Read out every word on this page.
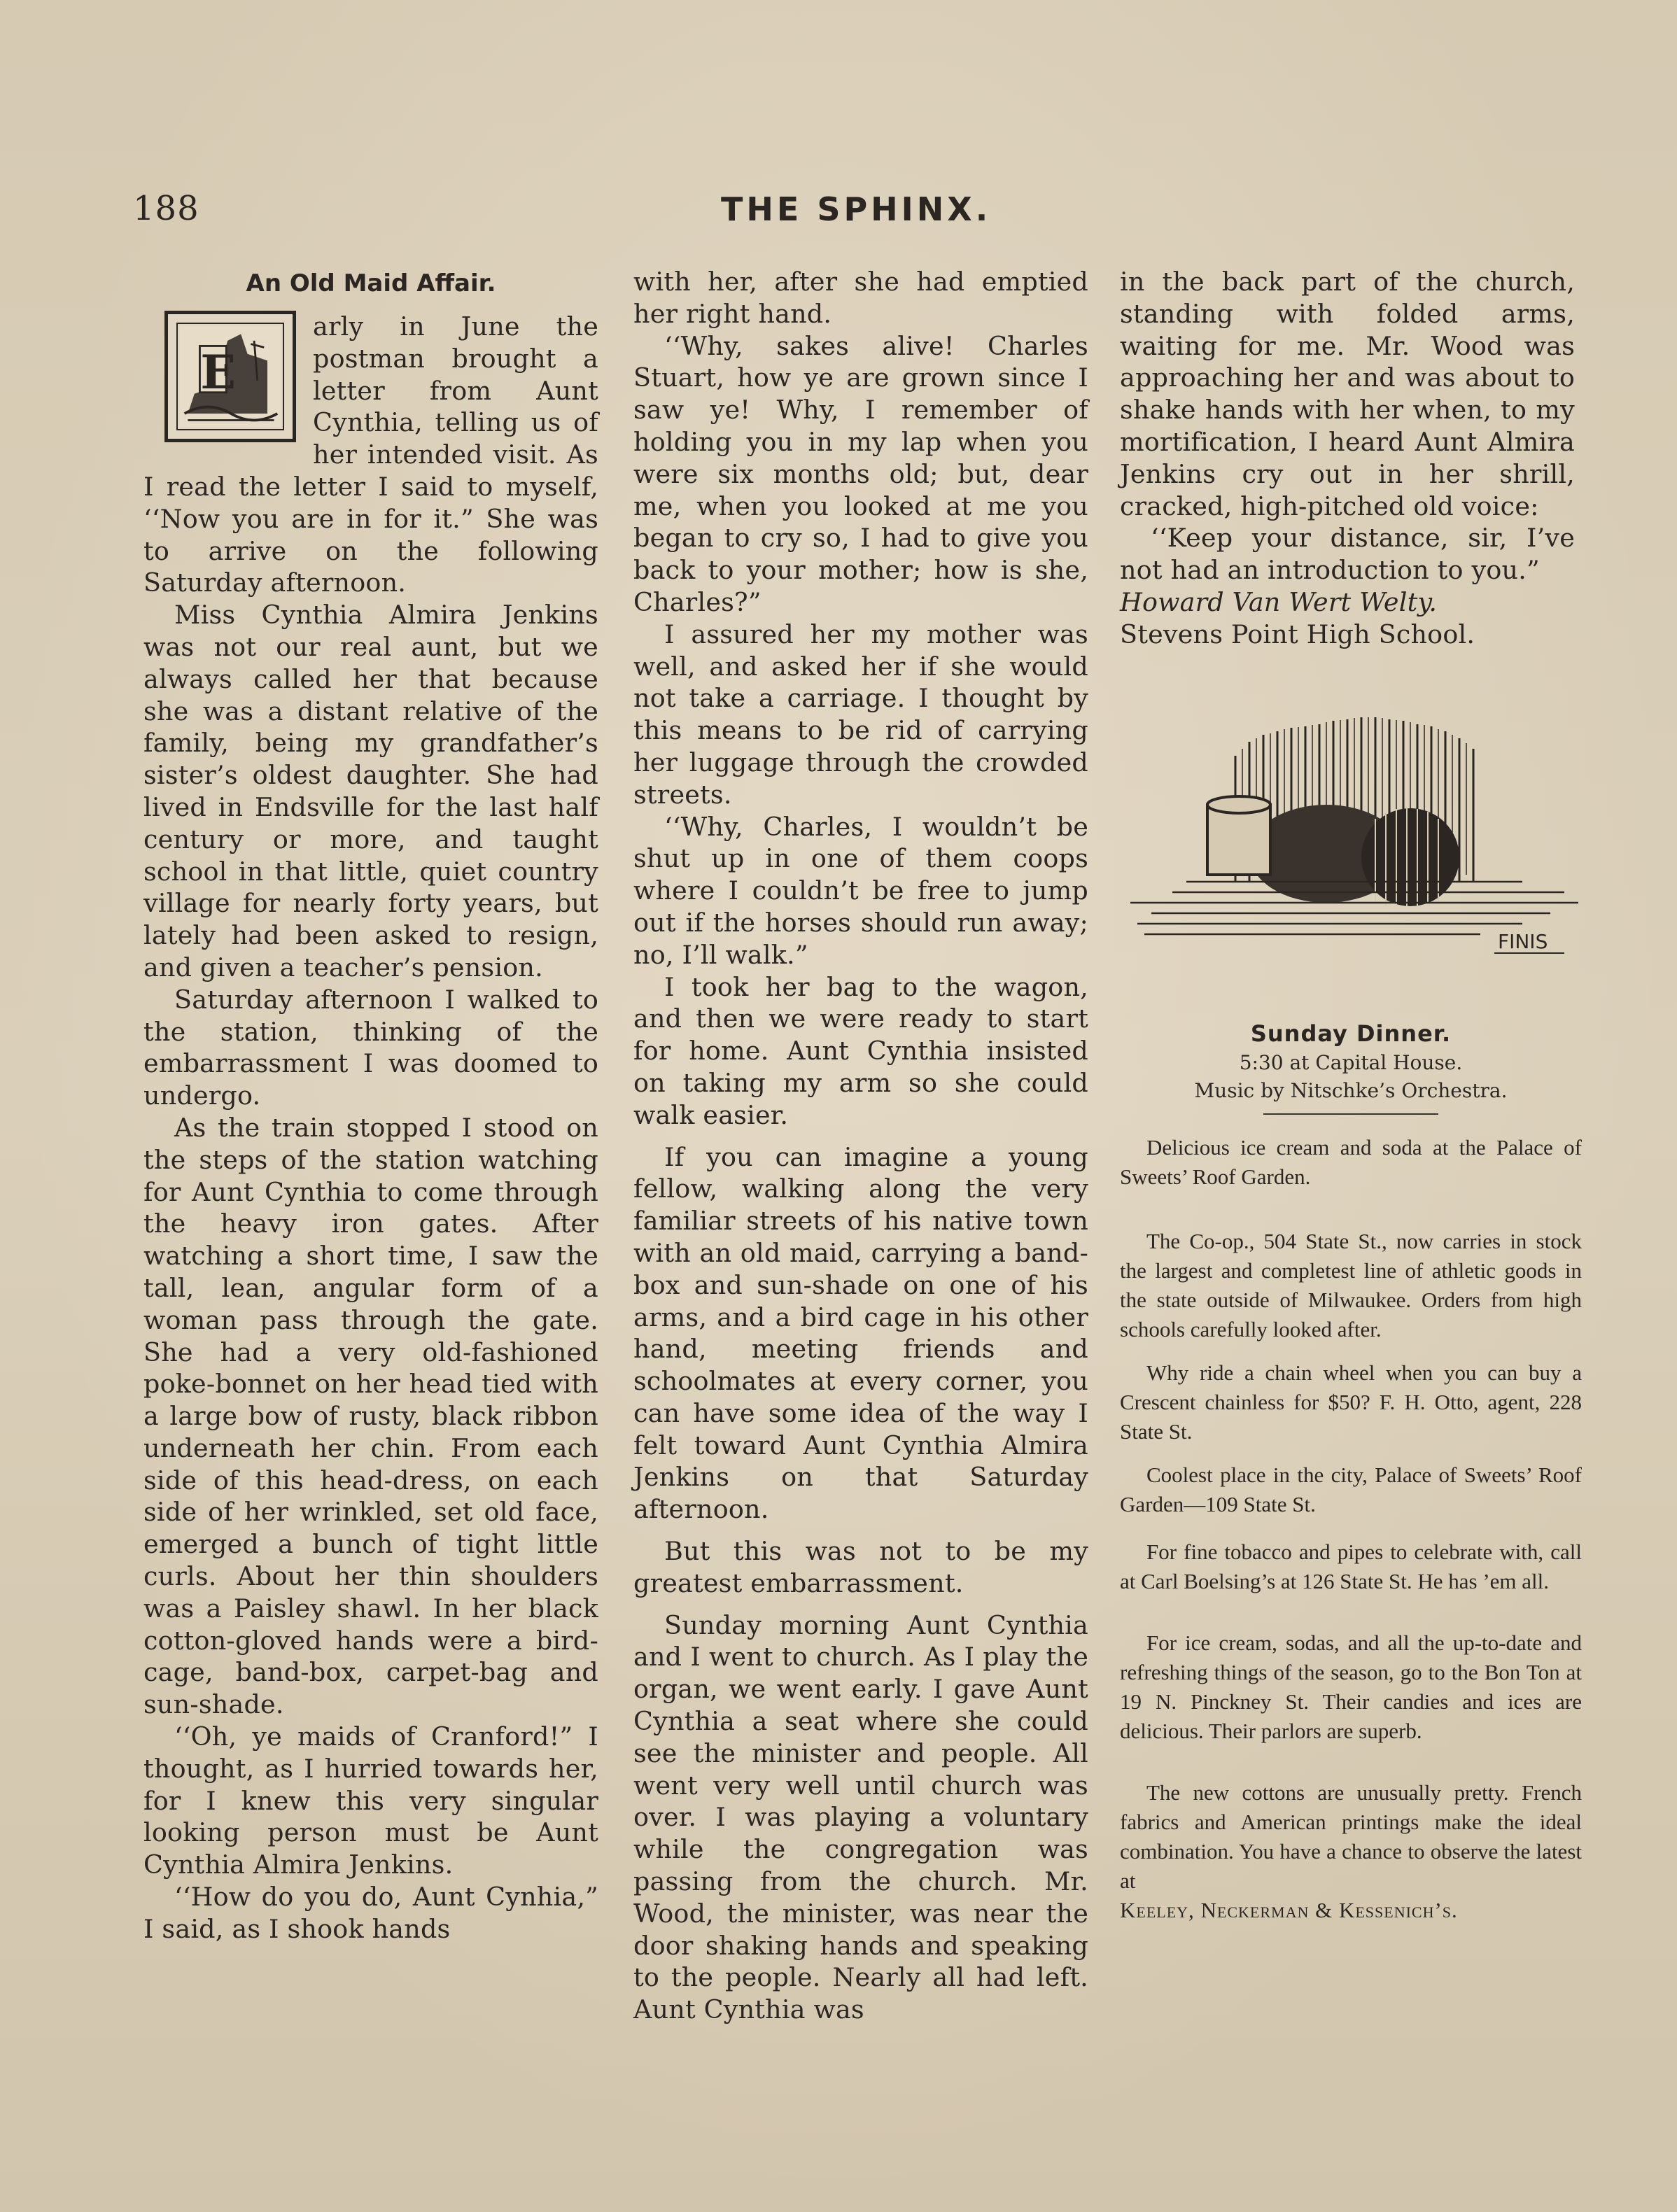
188	THE SPHINX.
An Old Maid Affair.
E

arly in June the postman brought a letter from Aunt Cynthia, telling us of her intended visit. As I read the letter I said to myself, ‘‘Now you are in for it.” She was to arrive on the following Saturday afternoon.

Miss Cynthia Almira Jenkins was not our real aunt, but we always called her that because she was a distant relative of the family, being my grandfather’s sister’s oldest daughter. She had lived in Endsville for the last half century or more, and taught school in that little, quiet country village for nearly forty years, but lately had been asked to resign, and given a teacher’s pension.

Saturday afternoon I walked to the station, thinking of the embarrassment I was doomed to undergo.

As the train stopped I stood on the steps of the station watching for Aunt Cynthia to come through the heavy iron gates. After watching a short time, I saw the tall, lean, angular form of a woman pass through the gate. She had a very old-fashioned poke-bonnet on her head tied with a large bow of rusty, black ribbon underneath her chin. From each side of this head-dress, on each side of her wrinkled, set old face, emerged a bunch of tight little curls. About her thin shoulders was a Paisley shawl. In her black cotton-gloved hands were a bird-cage, band-box, carpet-bag and sun-shade.

‘‘Oh, ye maids of Cranford!” I thought, as I hurried towards her, for I knew this very singular looking person must be Aunt Cynthia Almira Jenkins.

‘‘How do you do, Aunt Cynhia,” I said, as I shook hands

with her, after she had emptied her right hand.

‘‘Why, sakes alive! Charles Stuart, how ye are grown since I saw ye! Why, I remember of holding you in my lap when you were six months old; but, dear me, when you looked at me you began to cry so, I had to give you back to your mother; how is she, Charles?”

I assured her my mother was well, and asked her if she would not take a carriage. I thought by this means to be rid of carrying her luggage through the crowded streets.

‘‘Why, Charles, I wouldn’t be shut up in one of them coops where I couldn’t be free to jump out if the horses should run away; no, I’ll walk.”

I took her bag to the wagon, and then we were ready to start for home. Aunt Cynthia insisted on taking my arm so she could walk easier.

If you can imagine a young fellow, walking along the very familiar streets of his native town with an old maid, carrying a band-box and sun-shade on one of his arms, and a bird cage in his other hand, meeting friends and schoolmates at every corner, you can have some idea of the way I felt toward Aunt Cynthia Almira Jenkins on that Saturday afternoon.

But this was not to be my greatest embarrassment.

Sunday morning Aunt Cynthia and I went to church. As I play the organ, we went early. I gave Aunt Cynthia a seat where she could see the minister and people. All went very well until church was over. I was playing a voluntary while the congregation was passing from the church. Mr. Wood, the minister, was near the door shaking hands and speaking to the people. Nearly all had left. Aunt Cynthia was

in the back part of the church, standing with folded arms, waiting for me. Mr. Wood was approaching her and was about to shake hands with her when, to my mortification, I heard Aunt Almira Jenkins cry out in her shrill, cracked, high-pitched old voice:

‘‘Keep your distance, sir, I’ve not had an introduction to you.”

Howard Van Wert Welty.

Stevens Point High School.

FINIS

Sunday Dinner.

5:30 at Capital House.

Music by Nitschke’s Orchestra.

Delicious ice cream and soda at the Palace of Sweets’ Roof Garden.

The Co-op., 504 State St., now carries in stock the largest and completest line of athletic goods in the state outside of Milwaukee. Orders from high schools carefully looked after.

Why ride a chain wheel when you can buy a Crescent chainless for $50? F. H. Otto, agent, 228 State St.

Coolest place in the city, Palace of Sweets’ Roof Garden—109 State St.

For fine tobacco and pipes to celebrate with, call at Carl Boelsing’s at 126 State St. He has ’em all.

For ice cream, sodas, and all the up-to-date and refreshing things of the season, go to the Bon Ton at 19 N. Pinckney St. Their candies and ices are delicious. Their parlors are superb.

The new cottons are unusually pretty. French fabrics and American printings make the ideal combination. You have a chance to observe the latest at

Keeley, Neckerman & Kessenich’s.
